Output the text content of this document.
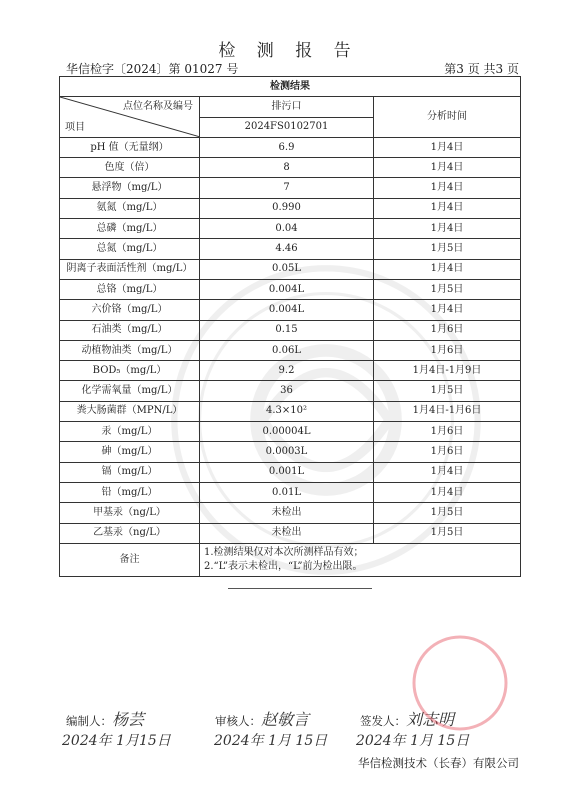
检 测 报 告
华信检字〔2024〕第 01027 号	第3 页 共3 页
检测结果		

点位名称及编号
项目	排污口	分析时间
	2024FS0102701	
pH 值（无量纲）	6.9	1月4日
色度（倍）	8	1月4日
悬浮物（mg/L）	7	1月4日
氨氮（mg/L）	0.990	1月4日
总磷（mg/L）	0.04	1月4日
总氮（mg/L）	4.46	1月5日
阴离子表面活性剂（mg/L）	0.05L	1月4日
总铬（mg/L）	0.004L	1月5日
六价铬（mg/L）	0.004L	1月4日
石油类（mg/L）	0.15	1月6日
动植物油类（mg/L）	0.06L	1月6日
BOD₅（mg/L）	9.2	1月4日-1月9日
化学需氧量（mg/L）	36	1月5日
粪大肠菌群（MPN/L）	4.3×10²	1月4日-1月6日
汞（mg/L）	0.00004L	1月6日
砷（mg/L）	0.0003L	1月6日
镉（mg/L）	0.001L	1月4日
铅（mg/L）	0.01L	1月4日
甲基汞（ng/L）	未检出	1月5日
乙基汞（ng/L）	未检出	1月5日
备注	1.检测结果仅对本次所测样品有效；
2.“L”表示未检出，“L”前为检出限。	
编制人：杨芸
2024年 1月15日
审核人：赵敏言
2024年 1月 15日
签发人：刘志明
2024年 1月 15日
华信检测技术（长春）有限公司
